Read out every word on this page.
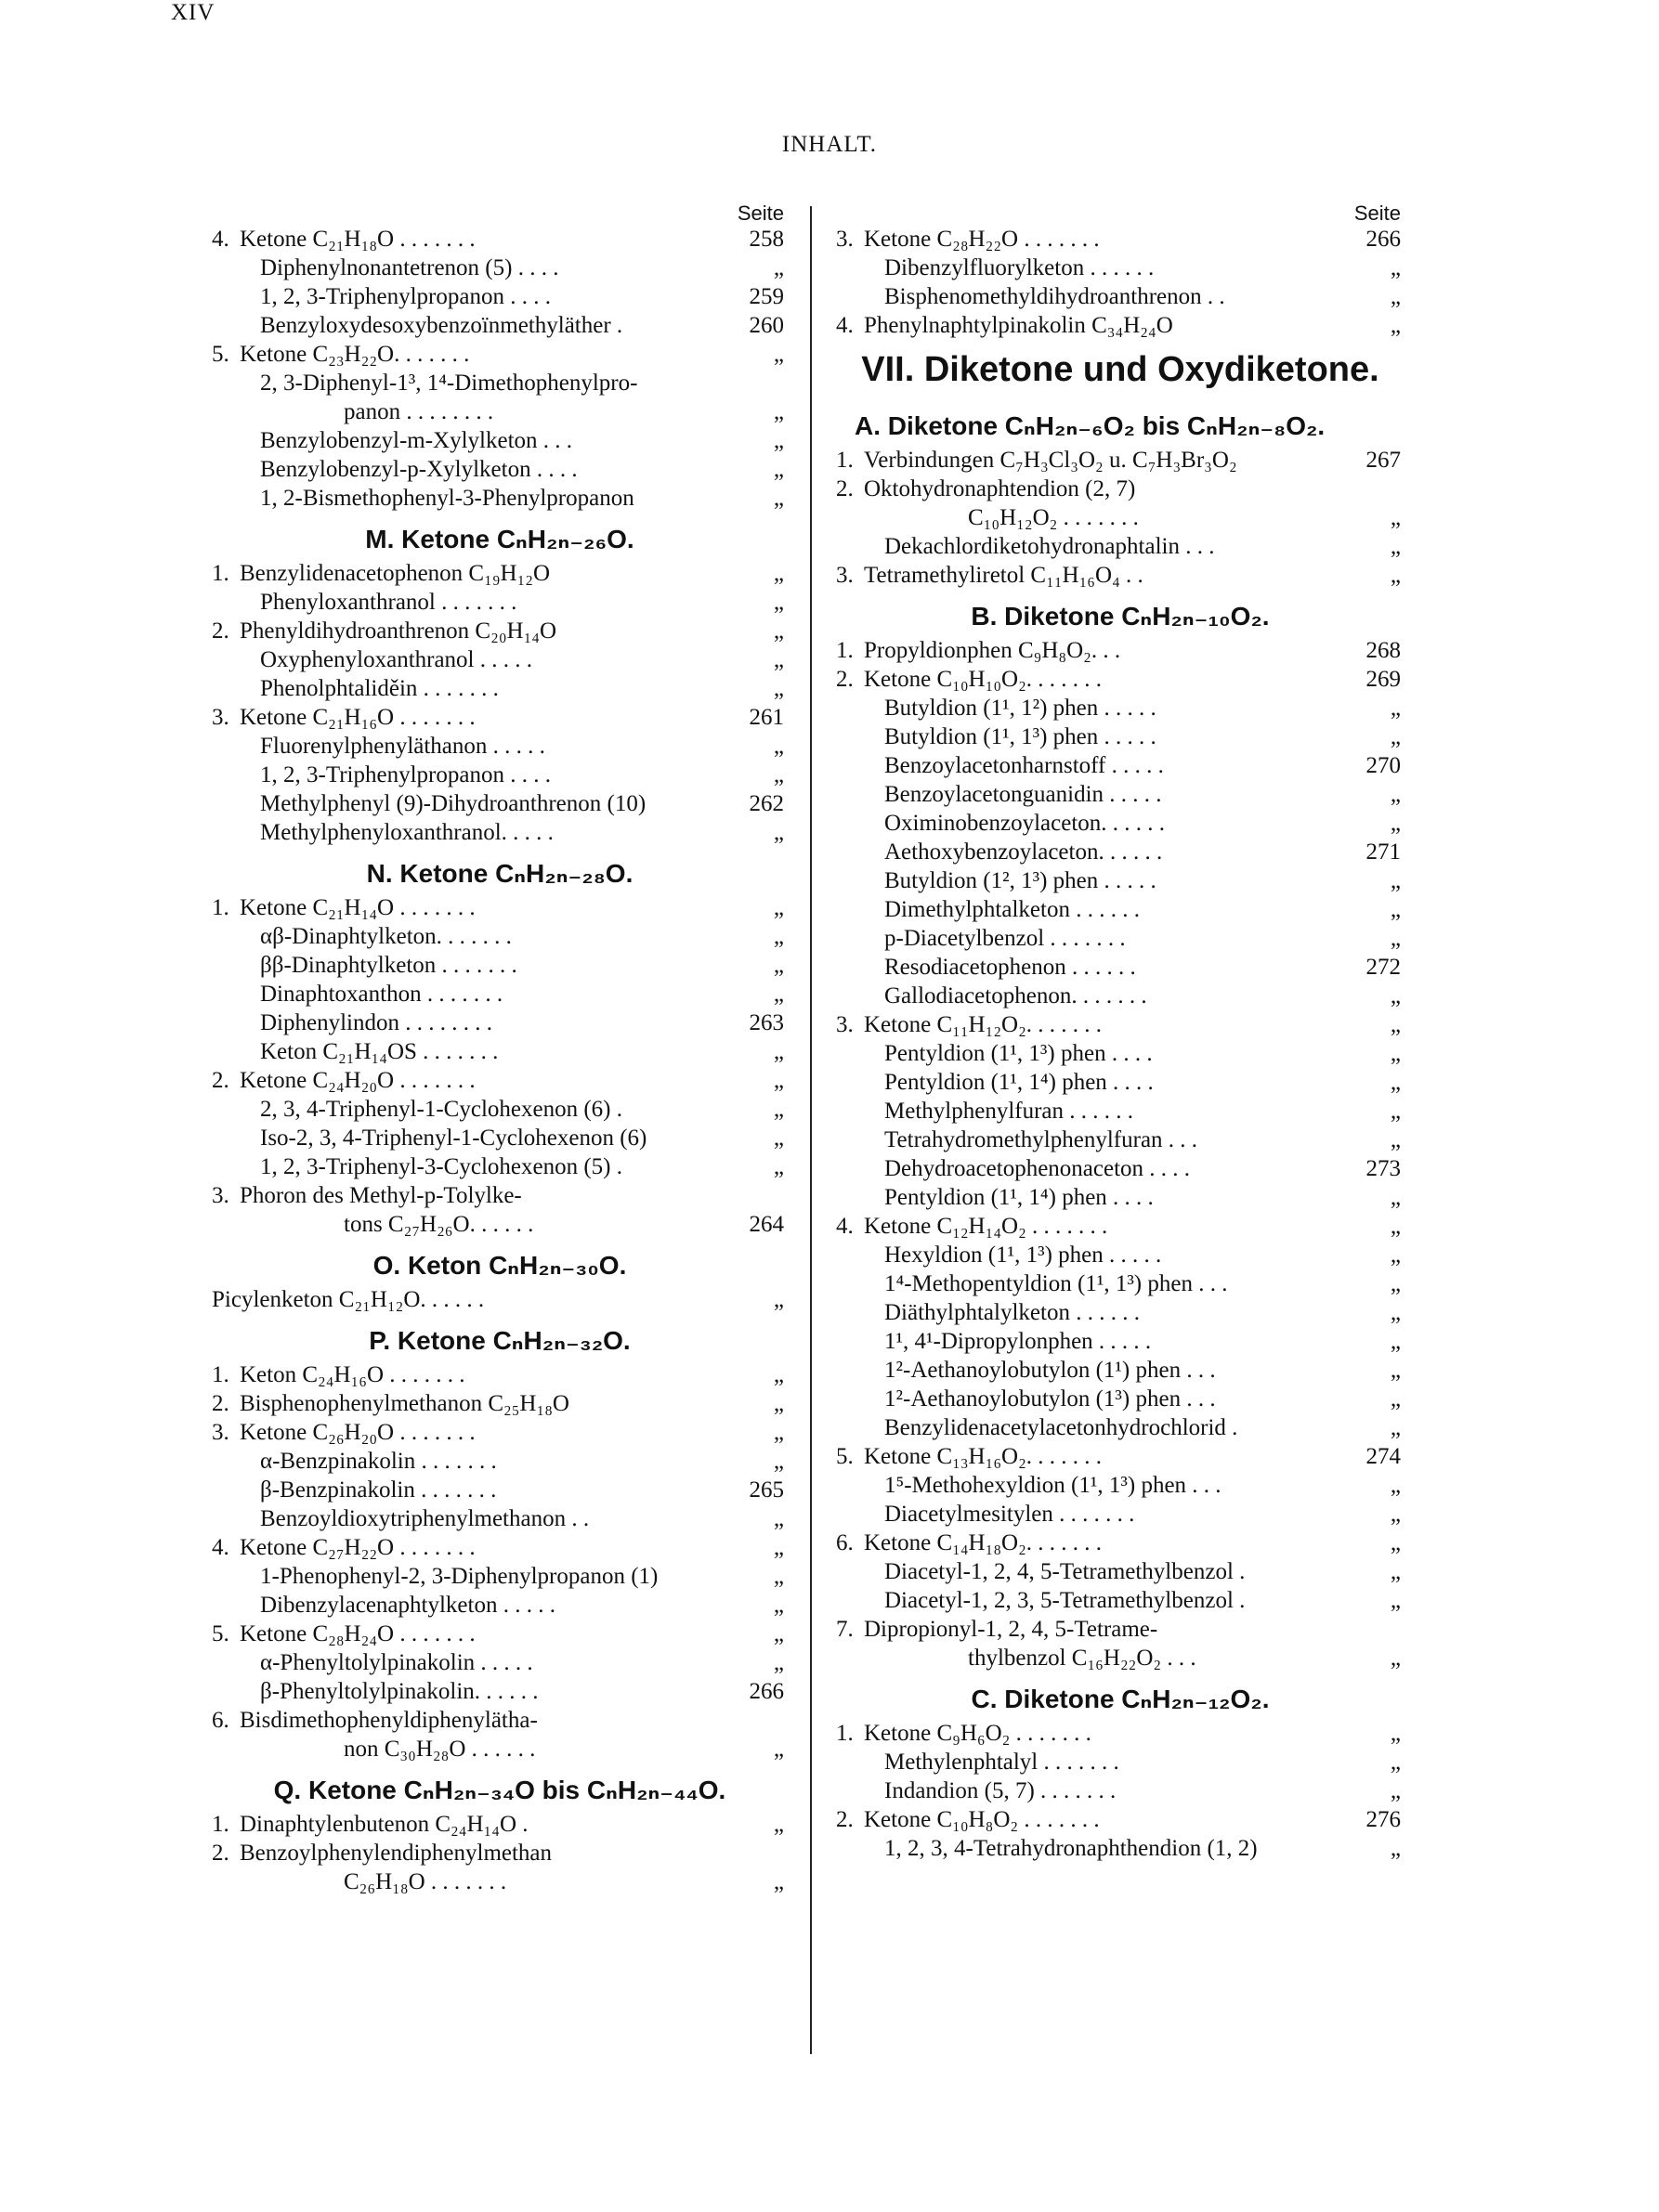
XIV
INHALT.
Seite
4. Ketone C₂₁H₁₈O . . . . . . .	258
Diphenylnonantetrenon (5) . . . .	„
1, 2, 3-Triphenylpropanon . . . .	259
Benzyloxydesoxybenzoïnmethyläther .	260
5. Ketone C₂₃H₂₂O. . . . . . .	„
2, 3-Diphenyl-1³, 1⁴-Dimethophenylpro-
panon . . . . . . . .	„
Benzylobenzyl-m-Xylylketon . . .	„
Benzylobenzyl-p-Xylylketon . . . .	„
1, 2-Bismethophenyl-3-Phenylpropanon	„
M. Ketone CₙH₂ₙ₋₂₆O.
1. Benzylidenacetophenon C₁₉H₁₂O	„
Phenyloxanthranol . . . . . . .	„
2. Phenyldihydroanthrenon C₂₀H₁₄O	„
Oxyphenyloxanthranol . . . . .	„
Phenolphtaliděin . . . . . . .	„
3. Ketone C₂₁H₁₆O . . . . . . .	261
Fluorenylphenyläthanon . . . . .	„
1, 2, 3-Triphenylpropanon . . . .	„
Methylphenyl (9)-Dihydroanthrenon (10)	262
Methylphenyloxanthranol. . . . .	„
N. Ketone CₙH₂ₙ₋₂₈O.
1. Ketone C₂₁H₁₄O . . . . . . .	„
αβ-Dinaphtylketon. . . . . . .	„
ββ-Dinaphtylketon . . . . . . .	„
Dinaphtoxanthon . . . . . . .	„
Diphenylindon . . . . . . . .	263
Keton C₂₁H₁₄OS . . . . . . .	„
2. Ketone C₂₄H₂₀O . . . . . . .	„
2, 3, 4-Triphenyl-1-Cyclohexenon (6) .	„
Iso-2, 3, 4-Triphenyl-1-Cyclohexenon (6)	„
1, 2, 3-Triphenyl-3-Cyclohexenon (5) .	„
3. Phoron des Methyl-p-Tolylke-
tons C₂₇H₂₆O. . . . . .	264
O. Keton CₙH₂ₙ₋₃₀O.
Picylenketon C₂₁H₁₂O. . . . . .	„
P. Ketone CₙH₂ₙ₋₃₂O.
1. Keton C₂₄H₁₆O . . . . . . .	„
2. Bisphenophenylmethanon C₂₅H₁₈O	„
3. Ketone C₂₆H₂₀O . . . . . . .	„
α-Benzpinakolin . . . . . . .	„
β-Benzpinakolin . . . . . . .	265
Benzoyldioxytriphenylmethanon . .	„
4. Ketone C₂₇H₂₂O . . . . . . .	„
1-Phenophenyl-2, 3-Diphenylpropanon (1)	„
Dibenzylacenaphtylketon . . . . .	„
5. Ketone C₂₈H₂₄O . . . . . . .	„
α-Phenyltolylpinakolin . . . . .	„
β-Phenyltolylpinakolin. . . . . .	266
6. Bisdimethophenyldiphenylätha-
non C₃₀H₂₈O . . . . . .	„
Q. Ketone CₙH₂ₙ₋₃₄O bis CₙH₂ₙ₋₄₄O.
1. Dinaphtylenbutenon C₂₄H₁₄O .	„
2. Benzoylphenylendiphenylmethan
C₂₆H₁₈O . . . . . . .	„
Seite
3. Ketone C₂₈H₂₂O . . . . . . .	266
Dibenzylfluorylketon . . . . . .	„
Bisphenomethyldihydroanthrenon . .	„
4. Phenylnaphtylpinakolin C₃₄H₂₄O	„
VII. Diketone und Oxydiketone.
A. Diketone CₙH₂ₙ₋₆O₂ bis CₙH₂ₙ₋₈O₂.
1. Verbindungen C₇H₃Cl₃O₂ u. C₇H₃Br₃O₂	267
2. Oktohydronaphtendion (2, 7)
C₁₀H₁₂O₂ . . . . . . .	„
Dekachlordiketohydronaphtalin . . .	„
3. Tetramethyliretol C₁₁H₁₆O₄ . .	„
B. Diketone CₙH₂ₙ₋₁₀O₂.
1. Propyldionphen C₉H₈O₂. . .	268
2. Ketone C₁₀H₁₀O₂. . . . . . .	269
Butyldion (1¹, 1²) phen . . . . .	„
Butyldion (1¹, 1³) phen . . . . .	„
Benzoylacetonharnstoff . . . . .	270
Benzoylacetonguanidin . . . . .	„
Oximinobenzoylaceton. . . . . .	„
Aethoxybenzoylaceton. . . . . .	271
Butyldion (1², 1³) phen . . . . .	„
Dimethylphtalketon . . . . . .	„
p-Diacetylbenzol . . . . . . .	„
Resodiacetophenon . . . . . .	272
Gallodiacetophenon. . . . . . .	„
3. Ketone C₁₁H₁₂O₂. . . . . . .	„
Pentyldion (1¹, 1³) phen . . . .	„
Pentyldion (1¹, 1⁴) phen . . . .	„
Methylphenylfuran . . . . . .	„
Tetrahydromethylphenylfuran . . .	„
Dehydroacetophenonaceton . . . .	273
Pentyldion (1¹, 1⁴) phen . . . .	„
4. Ketone C₁₂H₁₄O₂ . . . . . . .	„
Hexyldion (1¹, 1³) phen . . . . .	„
1⁴-Methopentyldion (1¹, 1³) phen . . .	„
Diäthylphtalylketon . . . . . .	„
1¹, 4¹-Dipropylonphen . . . . .	„
1²-Aethanoylobutylon (1¹) phen . . .	„
1²-Aethanoylobutylon (1³) phen . . .	„
Benzylidenacetylacetonhydrochlorid .	„
5. Ketone C₁₃H₁₆O₂. . . . . . .	274
1⁵-Methohexyldion (1¹, 1³) phen . . .	„
Diacetylmesitylen . . . . . . .	„
6. Ketone C₁₄H₁₈O₂. . . . . . .	„
Diacetyl-1, 2, 4, 5-Tetramethylbenzol .	„
Diacetyl-1, 2, 3, 5-Tetramethylbenzol .	„
7. Dipropionyl-1, 2, 4, 5-Tetrame-
thylbenzol C₁₆H₂₂O₂ . . .	„
C. Diketone CₙH₂ₙ₋₁₂O₂.
1. Ketone C₉H₆O₂ . . . . . . .	„
Methylenphtalyl . . . . . . .	„
Indandion (5, 7) . . . . . . .	„
2. Ketone C₁₀H₈O₂ . . . . . . .	276
1, 2, 3, 4-Tetrahydronaphthendion (1, 2)	„
